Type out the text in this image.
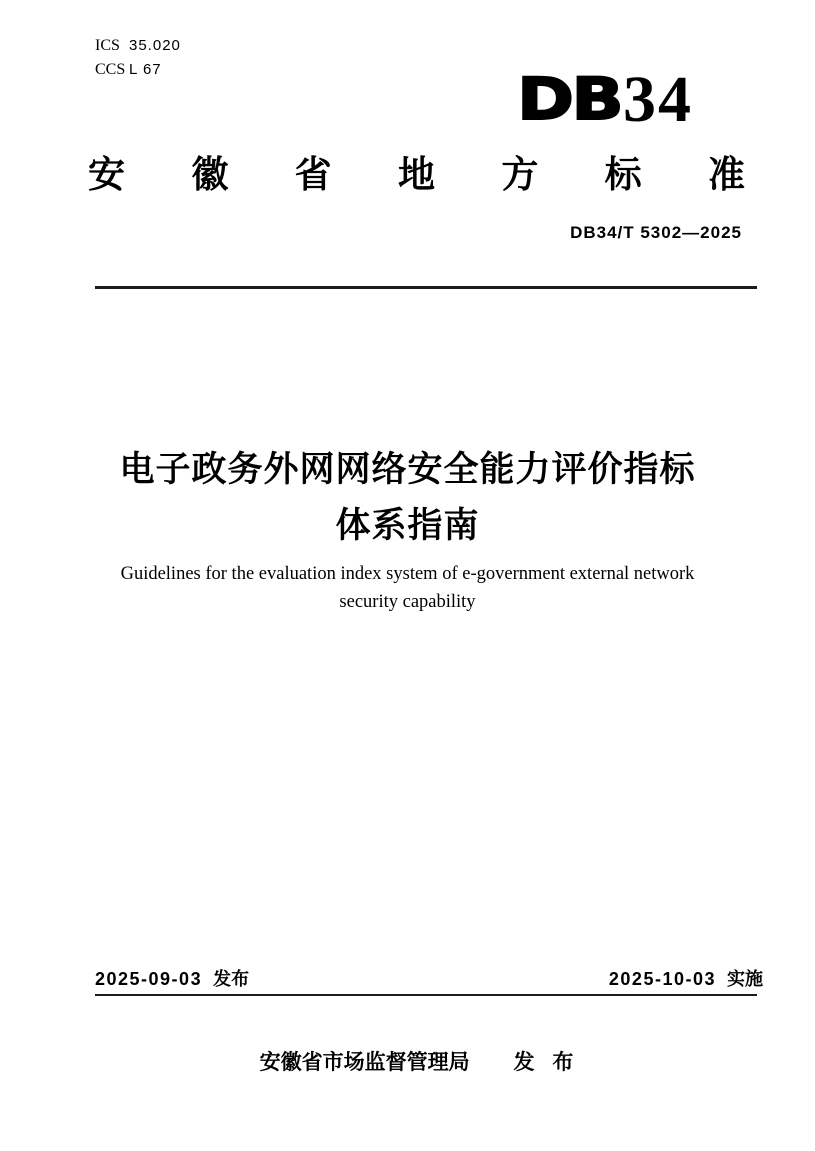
ICS 35.020
CCS L 67	DB 34
安 徽 省 地 方 标 准
DB34/T 5302—2025
电子政务外网网络安全能力评价指标
体系指南
Guidelines for the evaluation index system of e-government external network
security capability
2025-09-03 发布	2025-10-03 实施
安徽省市场监督管理局 发 布
